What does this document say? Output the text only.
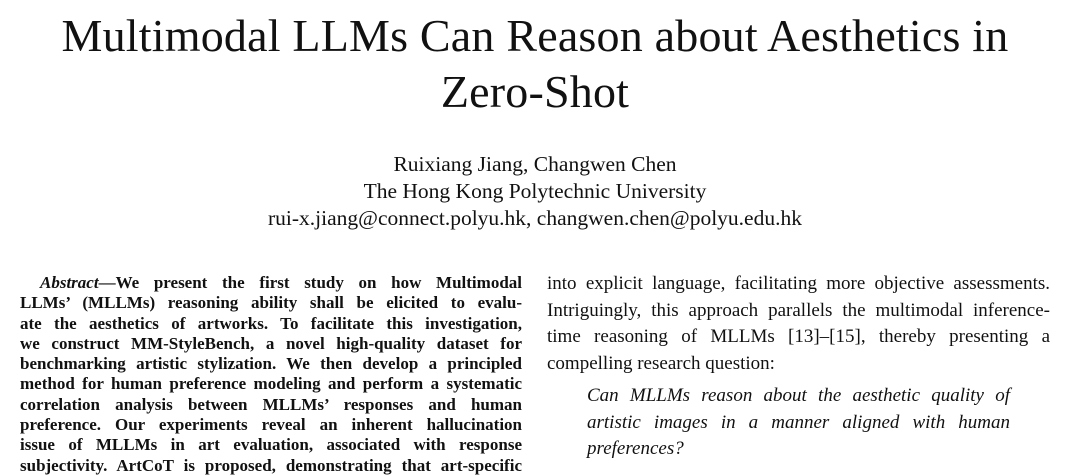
Multimodal LLMs Can Reason about Aesthetics in
Zero-Shot
Ruixiang Jiang, Changwen Chen
The Hong Kong Polytechnic University
rui-x.jiang@connect.polyu.hk, changwen.chen@polyu.edu.hk
Abstract—We present the first study on how Multimodal
LLMs’ (MLLMs) reasoning ability shall be elicited to evalu-
ate the aesthetics of artworks. To facilitate this investigation,
we construct MM-StyleBench, a novel high-quality dataset for
benchmarking artistic stylization. We then develop a principled
method for human preference modeling and perform a systematic
correlation analysis between MLLMs’ responses and human
preference. Our experiments reveal an inherent hallucination
issue of MLLMs in art evaluation, associated with response
subjectivity. ArtCoT is proposed, demonstrating that art-specific
into explicit language, facilitating more objective assessments.
Intriguingly, this approach parallels the multimodal inference-
time reasoning of MLLMs [13]–[15], thereby presenting a
compelling research question:
Can MLLMs reason about the aesthetic quality of
artistic images in a manner aligned with human
preferences?
